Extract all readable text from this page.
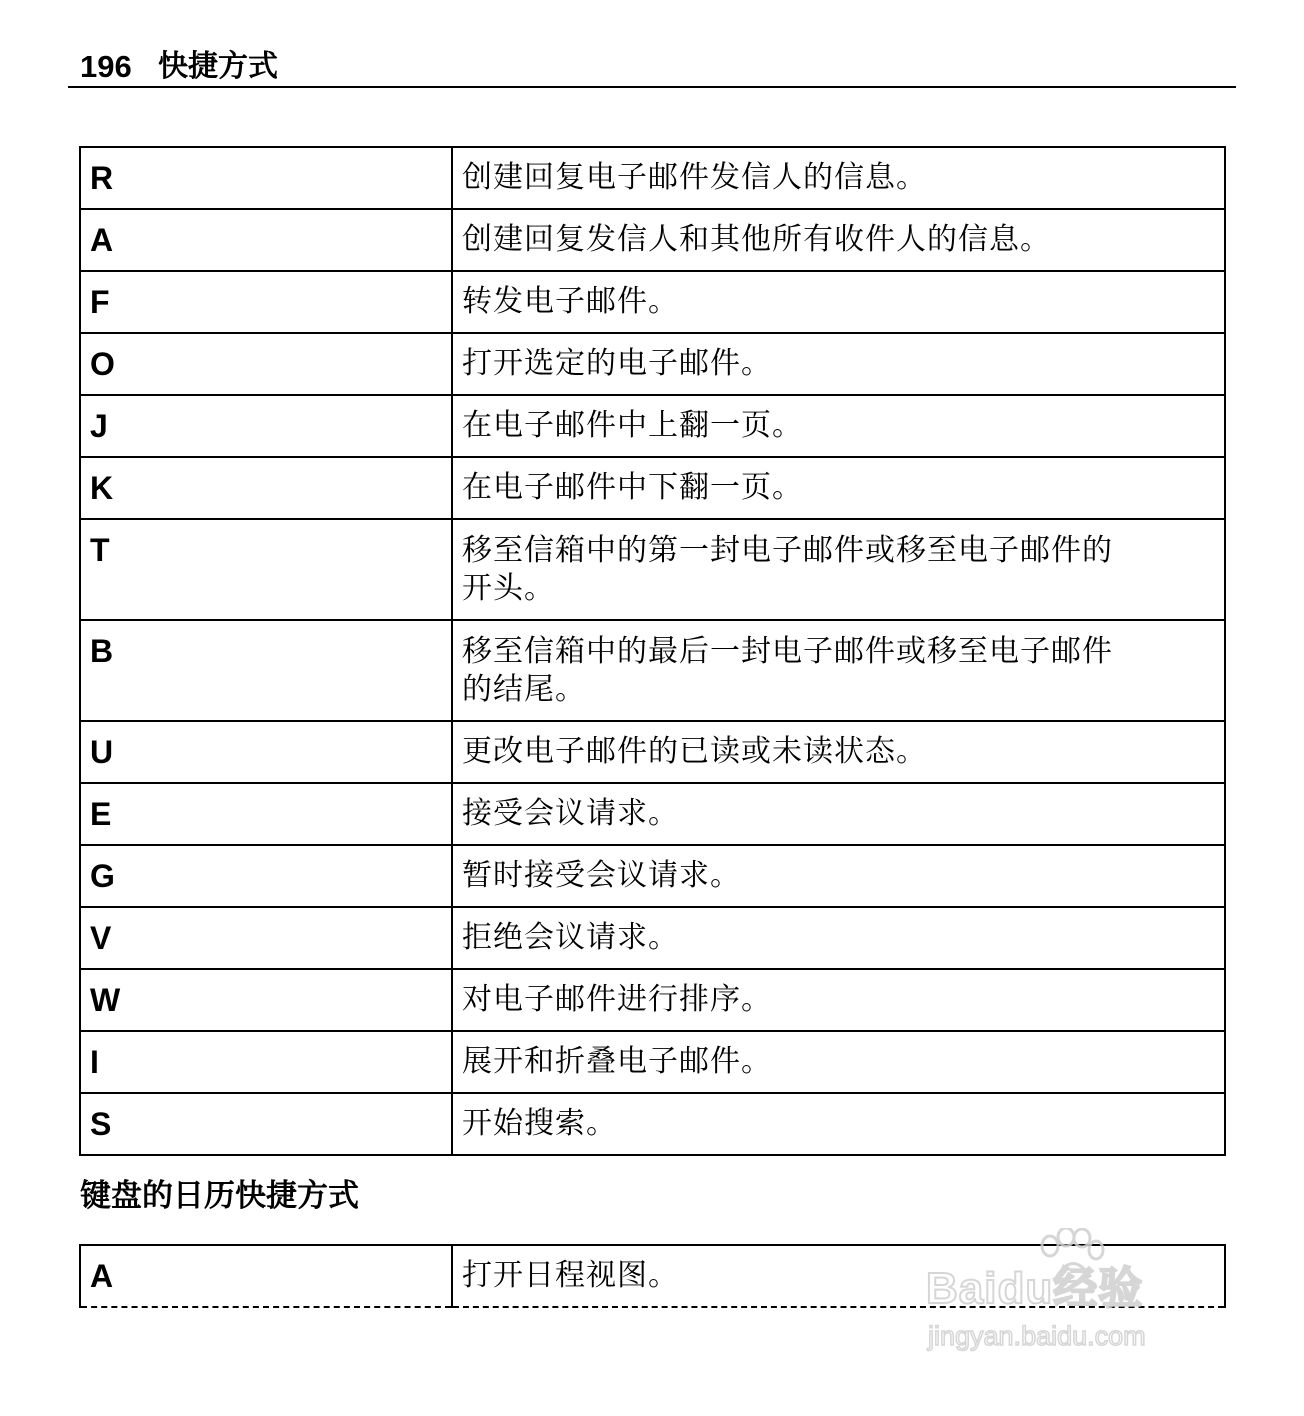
196 快捷方式
R	创建回复电子邮件发信人的信息。
A	创建回复发信人和其他所有收件人的信息。
F	转发电子邮件。
O	打开选定的电子邮件。
J	在电子邮件中上翻一页。
K	在电子邮件中下翻一页。
T	移至信箱中的第一封电子邮件或移至电子邮件的
开头。

B	移至信箱中的最后一封电子邮件或移至电子邮件
的结尾。

U	更改电子邮件的已读或未读状态。
E	接受会议请求。
G	暂时接受会议请求。
V	拒绝会议请求。
W	对电子邮件进行排序。
I	展开和折叠电子邮件。
S	开始搜索。
键盘的日历快捷方式
A	打开日程视图。	Baidu经验
jingyan.baidu.com
